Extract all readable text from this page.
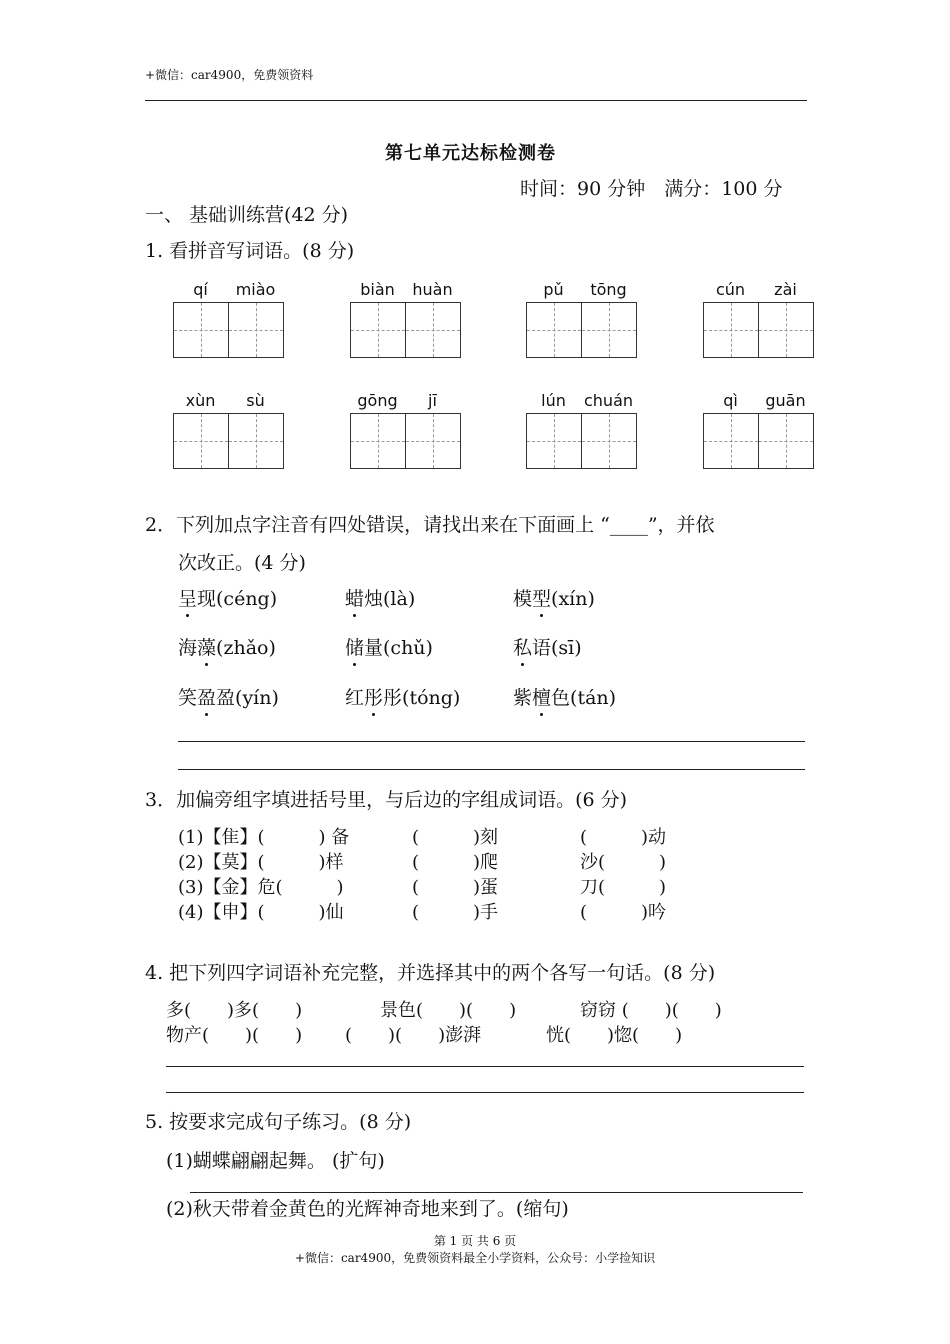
+微信：car4900，免费领资料
第七单元达标检测卷
时间：90 分钟　满分：100 分
一、 基础训练营(42 分)
1. 看拼音写词语。(8 分)
qí	miào	biàn	huàn	pǔ	tōng	cún	zài
xùn	sù	gōng	jī	lún	chuán	qì	guān
2．下列加点字注音有四处错误，请找出来在下面画上 “____”，并依
次改正。(4 分)
呈现(céng)	蜡烛(là)	模型(xín)
海藻(zhǎo)	储量(chǔ)	私语(sī)
笑盈盈(yín)	红彤彤(tóng)	紫檀色(tán)
3．加偏旁组字填进括号里，与后边的字组成词语。(6 分)
(1)【隹】(　　　) 备	(　　　)刻	(　　　)动
(2)【莫】(　　　)样	(　　　)爬	沙(　　　)
(3)【金】危(　　　)	(　　　)蛋	刀(　　　)
(4)【申】(　　　)仙	(　　　)手	(　　　)吟
4. 把下列四字词语补充完整，并选择其中的两个各写一句话。(8 分)
多(　　)多(　　)	景色(　　)(　　)	窃窃 (　　)(　　)
物产(　　)(　　) (　　)(　　)澎湃	恍(　　)惚(　　)
5. 按要求完成句子练习。(8 分)
(1)蝴蝶翩翩起舞。 (扩句)
(2)秋天带着金黄色的光辉神奇地来到了。(缩句)
第 1 页 共 6 页
+微信：car4900，免费领资料最全小学资料，公众号：小学捡知识
